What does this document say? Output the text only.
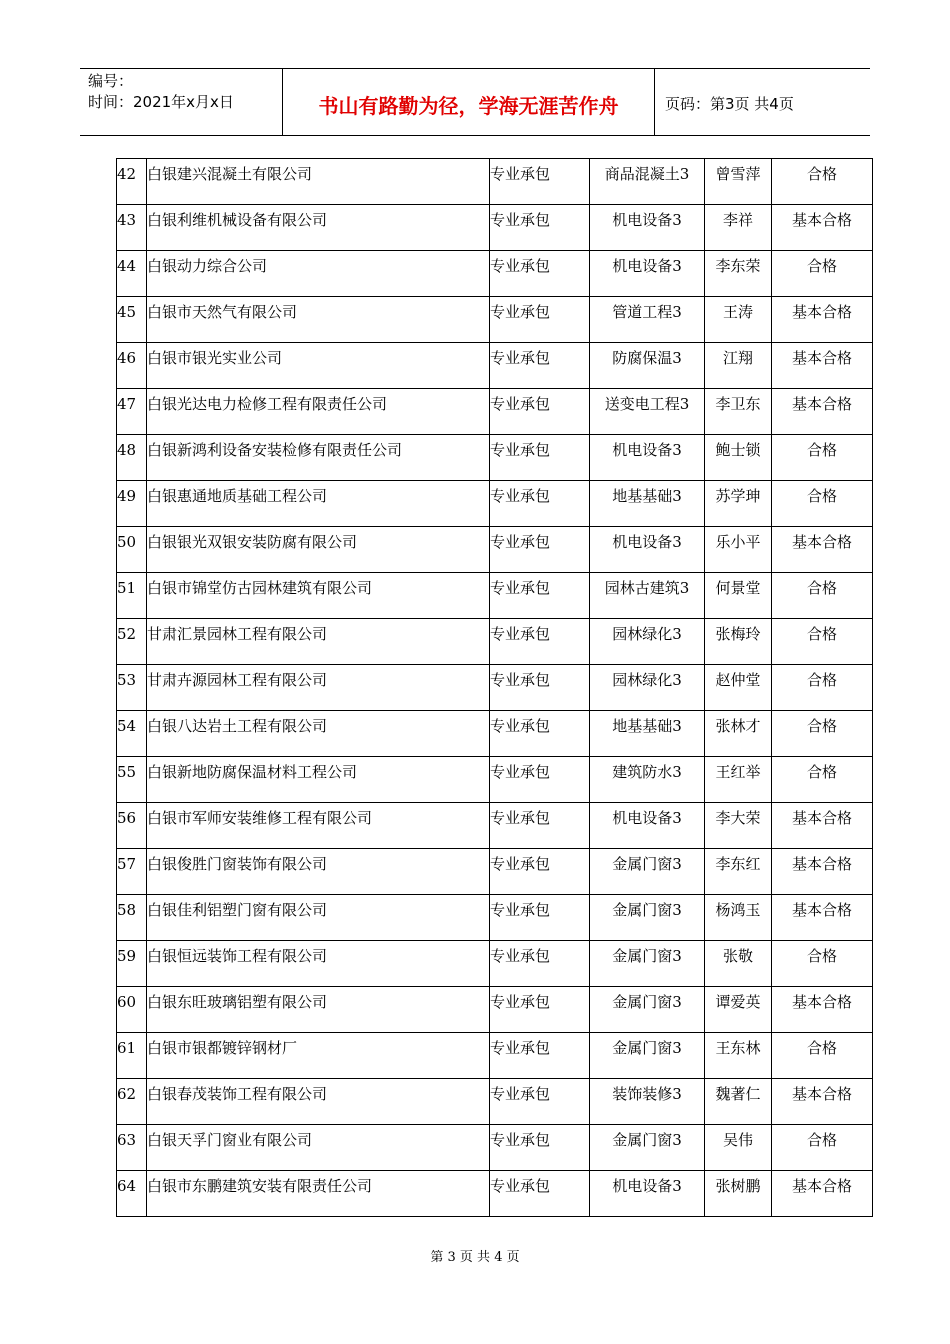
编号：
时间：2021年x月x日	书山有路勤为径，学海无涯苦作舟	页码：第3页 共4页
42	白银建兴混凝土有限公司	专业承包	商品混凝土3	曾雪萍	合格
43	白银利维机械设备有限公司	专业承包	机电设备3	李祥	基本合格
44	白银动力综合公司	专业承包	机电设备3	李东荣	合格
45	白银市天然气有限公司	专业承包	管道工程3	王涛	基本合格
46	白银市银光实业公司	专业承包	防腐保温3	江翔	基本合格
47	白银光达电力检修工程有限责任公司	专业承包	送变电工程3	李卫东	基本合格
48	白银新鸿利设备安装检修有限责任公司	专业承包	机电设备3	鲍士锁	合格
49	白银惠通地质基础工程公司	专业承包	地基基础3	苏学珅	合格
50	白银银光双银安装防腐有限公司	专业承包	机电设备3	乐小平	基本合格
51	白银市锦堂仿古园林建筑有限公司	专业承包	园林古建筑3	何景堂	合格
52	甘肃汇景园林工程有限公司	专业承包	园林绿化3	张梅玲	合格
53	甘肃卉源园林工程有限公司	专业承包	园林绿化3	赵仲堂	合格
54	白银八达岩土工程有限公司	专业承包	地基基础3	张林才	合格
55	白银新地防腐保温材料工程公司	专业承包	建筑防水3	王红举	合格
56	白银市军师安装维修工程有限公司	专业承包	机电设备3	李大荣	基本合格
57	白银俊胜门窗装饰有限公司	专业承包	金属门窗3	李东红	基本合格
58	白银佳利铝塑门窗有限公司	专业承包	金属门窗3	杨鸿玉	基本合格
59	白银恒远装饰工程有限公司	专业承包	金属门窗3	张敬	合格
60	白银东旺玻璃铝塑有限公司	专业承包	金属门窗3	谭爱英	基本合格
61	白银市银都镀锌钢材厂	专业承包	金属门窗3	王东林	合格
62	白银春茂装饰工程有限公司	专业承包	装饰装修3	魏著仁	基本合格
63	白银天孚门窗业有限公司	专业承包	金属门窗3	吴伟	合格
64	白银市东鹏建筑安装有限责任公司	专业承包	机电设备3	张树鹏	基本合格
第 3 页 共 4 页
